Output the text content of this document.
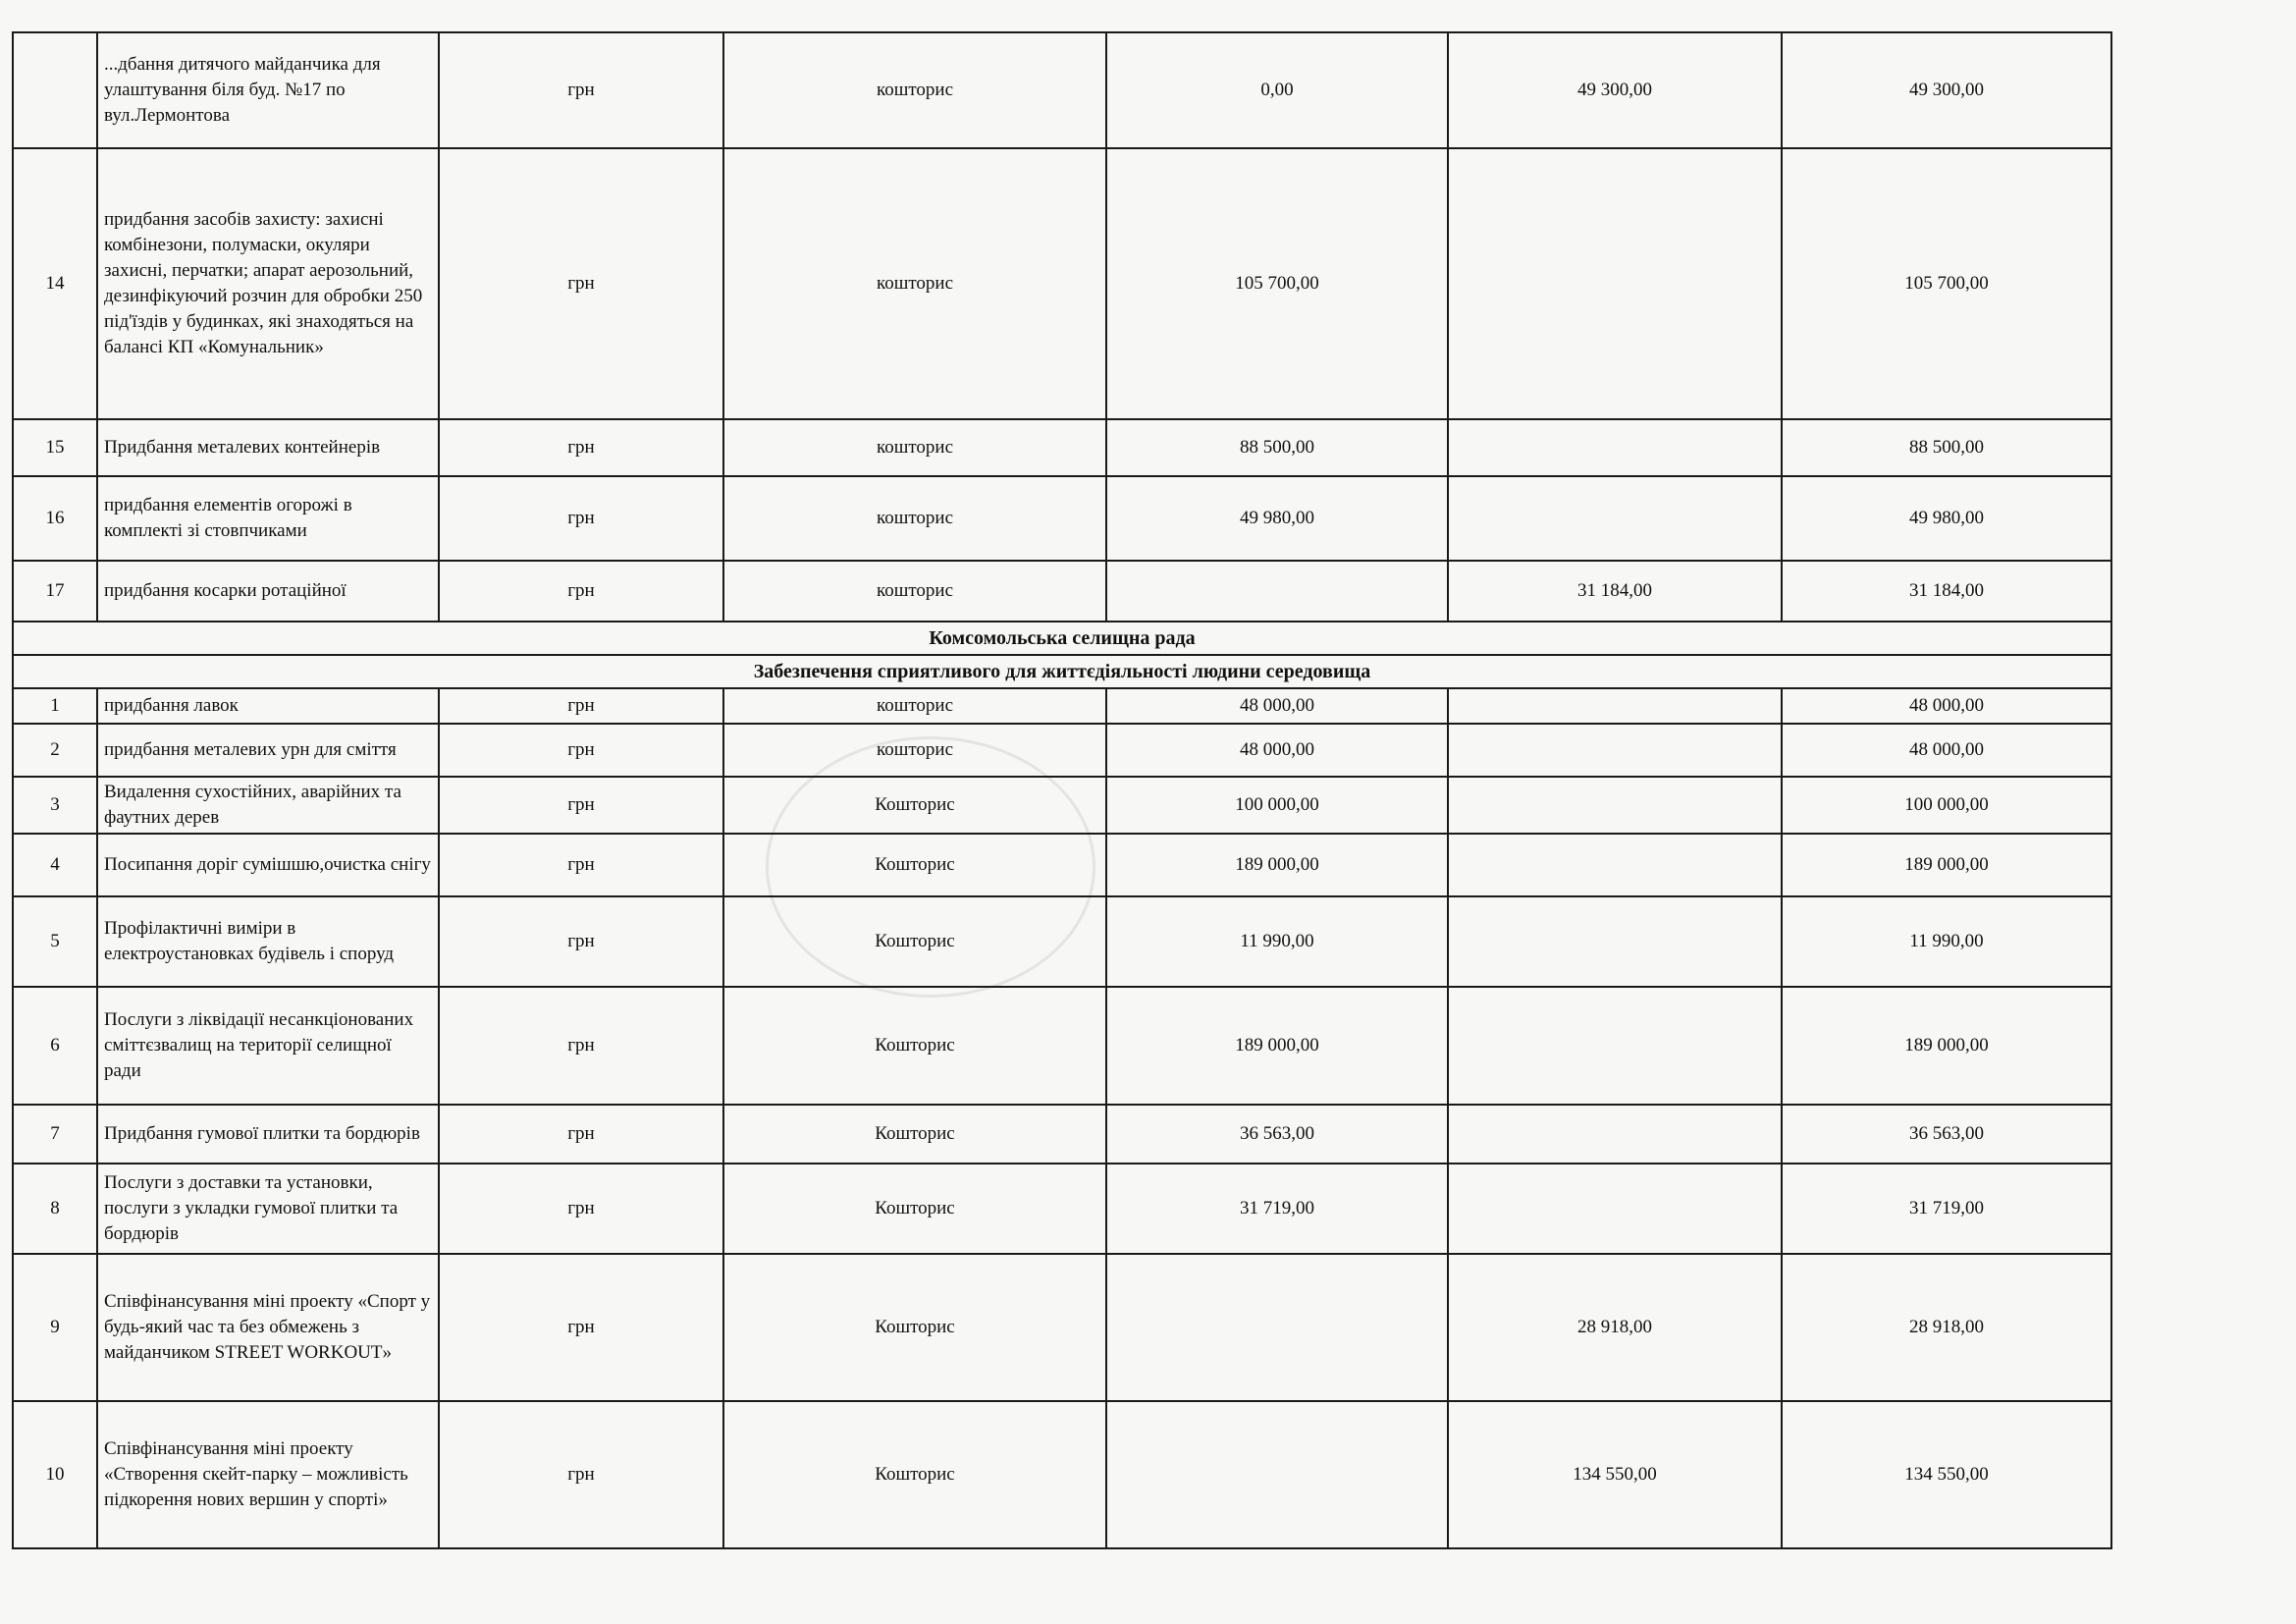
	...дбання дитячого майданчика для улаштування біля буд. №17 по вул.Лермонтова	грн	кошторис	0,00	49 300,00	49 300,00
14	придбання засобів захисту: захисні комбінезони, полумаски, окуляри захисні, перчатки; апарат аерозольний, дезинфікуючий розчин для обробки 250 під'їздів у будинках, які знаходяться на балансі КП «Комунальник»	грн	кошторис	105 700,00		105 700,00
15	Придбання металевих контейнерів	грн	кошторис	88 500,00		88 500,00
16	придбання елементів огорожі в комплекті зі стовпчиками	грн	кошторис	49 980,00		49 980,00
17	придбання косарки ротаційної	грн	кошторис		31 184,00	31 184,00
Комсомольська селищна рада						
Забезпечення сприятливого для життєдіяльності людини середовища						
1	придбання лавок	грн	кошторис	48 000,00		48 000,00
2	придбання металевих урн для сміття	грн	кошторис	48 000,00		48 000,00
3	Видалення сухостійних, аварійних та фаутних дерев	грн	Кошторис	100 000,00		100 000,00
4	Посипання доріг сумішшю,очистка снігу	грн	Кошторис	189 000,00		189 000,00
5	Профілактичні виміри в електроустановках будівель і споруд	грн	Кошторис	11 990,00		11 990,00
6	Послуги з ліквідації несанкціонованих сміттєзвалищ на території селищної ради	грн	Кошторис	189 000,00		189 000,00
7	Придбання гумової плитки та бордюрів	грн	Кошторис	36 563,00		36 563,00
8	Послуги з доставки та установки, послуги з укладки гумової плитки та бордюрів	грн	Кошторис	31 719,00		31 719,00
9	Співфінансування міні проекту «Спорт у будь-який час та без обмежень з майданчиком STREET WORKOUT»	грн	Кошторис		28 918,00	28 918,00
10	Співфінансування міні проекту «Створення скейт-парку – можливість підкорення нових вершин у спорті»	грн	Кошторис		134 550,00	134 550,00
